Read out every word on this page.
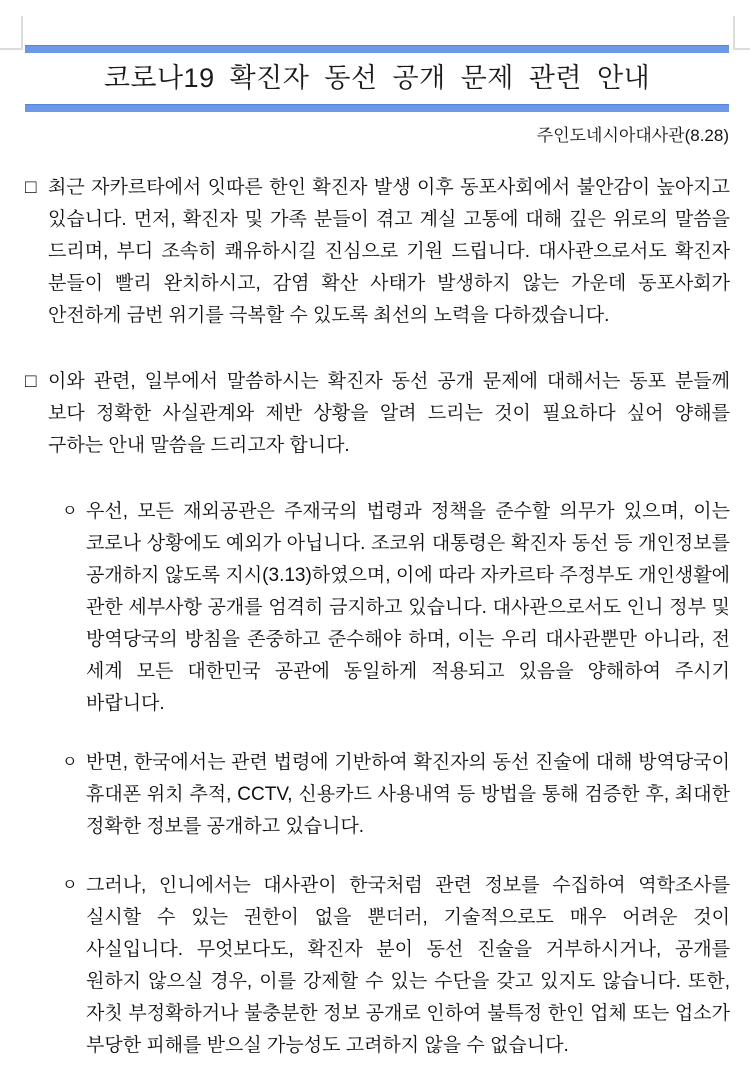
코로나19 확진자 동선 공개 문제 관련 안내
주인도네시아대사관(8.28)
□ 최근 자카르타에서 잇따른 한인 확진자 발생 이후 동포사회에서 불안감이 높아지고 있습니다. 먼저, 확진자 및 가족 분들이 겪고 계실 고통에 대해 깊은 위로의 말씀을 드리며, 부디 조속히 쾌유하시길 진심으로 기원 드립니다. 대사관으로서도 확진자 분들이 빨리 완치하시고, 감염 확산 사태가 발생하지 않는 가운데 동포사회가 안전하게 금번 위기를 극복할 수 있도록 최선의 노력을 다하겠습니다.
□ 이와 관련, 일부에서 말씀하시는 확진자 동선 공개 문제에 대해서는 동포 분들께 보다 정확한 사실관계와 제반 상황을 알려 드리는 것이 필요하다 싶어 양해를 구하는 안내 말씀을 드리고자 합니다.
ㅇ 우선, 모든 재외공관은 주재국의 법령과 정책을 준수할 의무가 있으며, 이는 코로나 상황에도 예외가 아닙니다. 조코위 대통령은 확진자 동선 등 개인정보를 공개하지 않도록 지시(3.13)하였으며, 이에 따라 자카르타 주정부도 개인생활에 관한 세부사항 공개를 엄격히 금지하고 있습니다. 대사관으로서도 인니 정부 및 방역당국의 방침을 존중하고 준수해야 하며, 이는 우리 대사관뿐만 아니라, 전 세계 모든 대한민국 공관에 동일하게 적용되고 있음을 양해하여 주시기 바랍니다.
ㅇ 반면, 한국에서는 관련 법령에 기반하여 확진자의 동선 진술에 대해 방역당국이 휴대폰 위치 추적, CCTV, 신용카드 사용내역 등 방법을 통해 검증한 후, 최대한 정확한 정보를 공개하고 있습니다.
ㅇ 그러나, 인니에서는 대사관이 한국처럼 관련 정보를 수집하여 역학조사를 실시할 수 있는 권한이 없을 뿐더러, 기술적으로도 매우 어려운 것이 사실입니다. 무엇보다도, 확진자 분이 동선 진술을 거부하시거나, 공개를 원하지 않으실 경우, 이를 강제할 수 있는 수단을 갖고 있지도 않습니다. 또한, 자칫 부정확하거나 불충분한 정보 공개로 인하여 불특정 한인 업체 또는 업소가 부당한 피해를 받으실 가능성도 고려하지 않을 수 없습니다.
